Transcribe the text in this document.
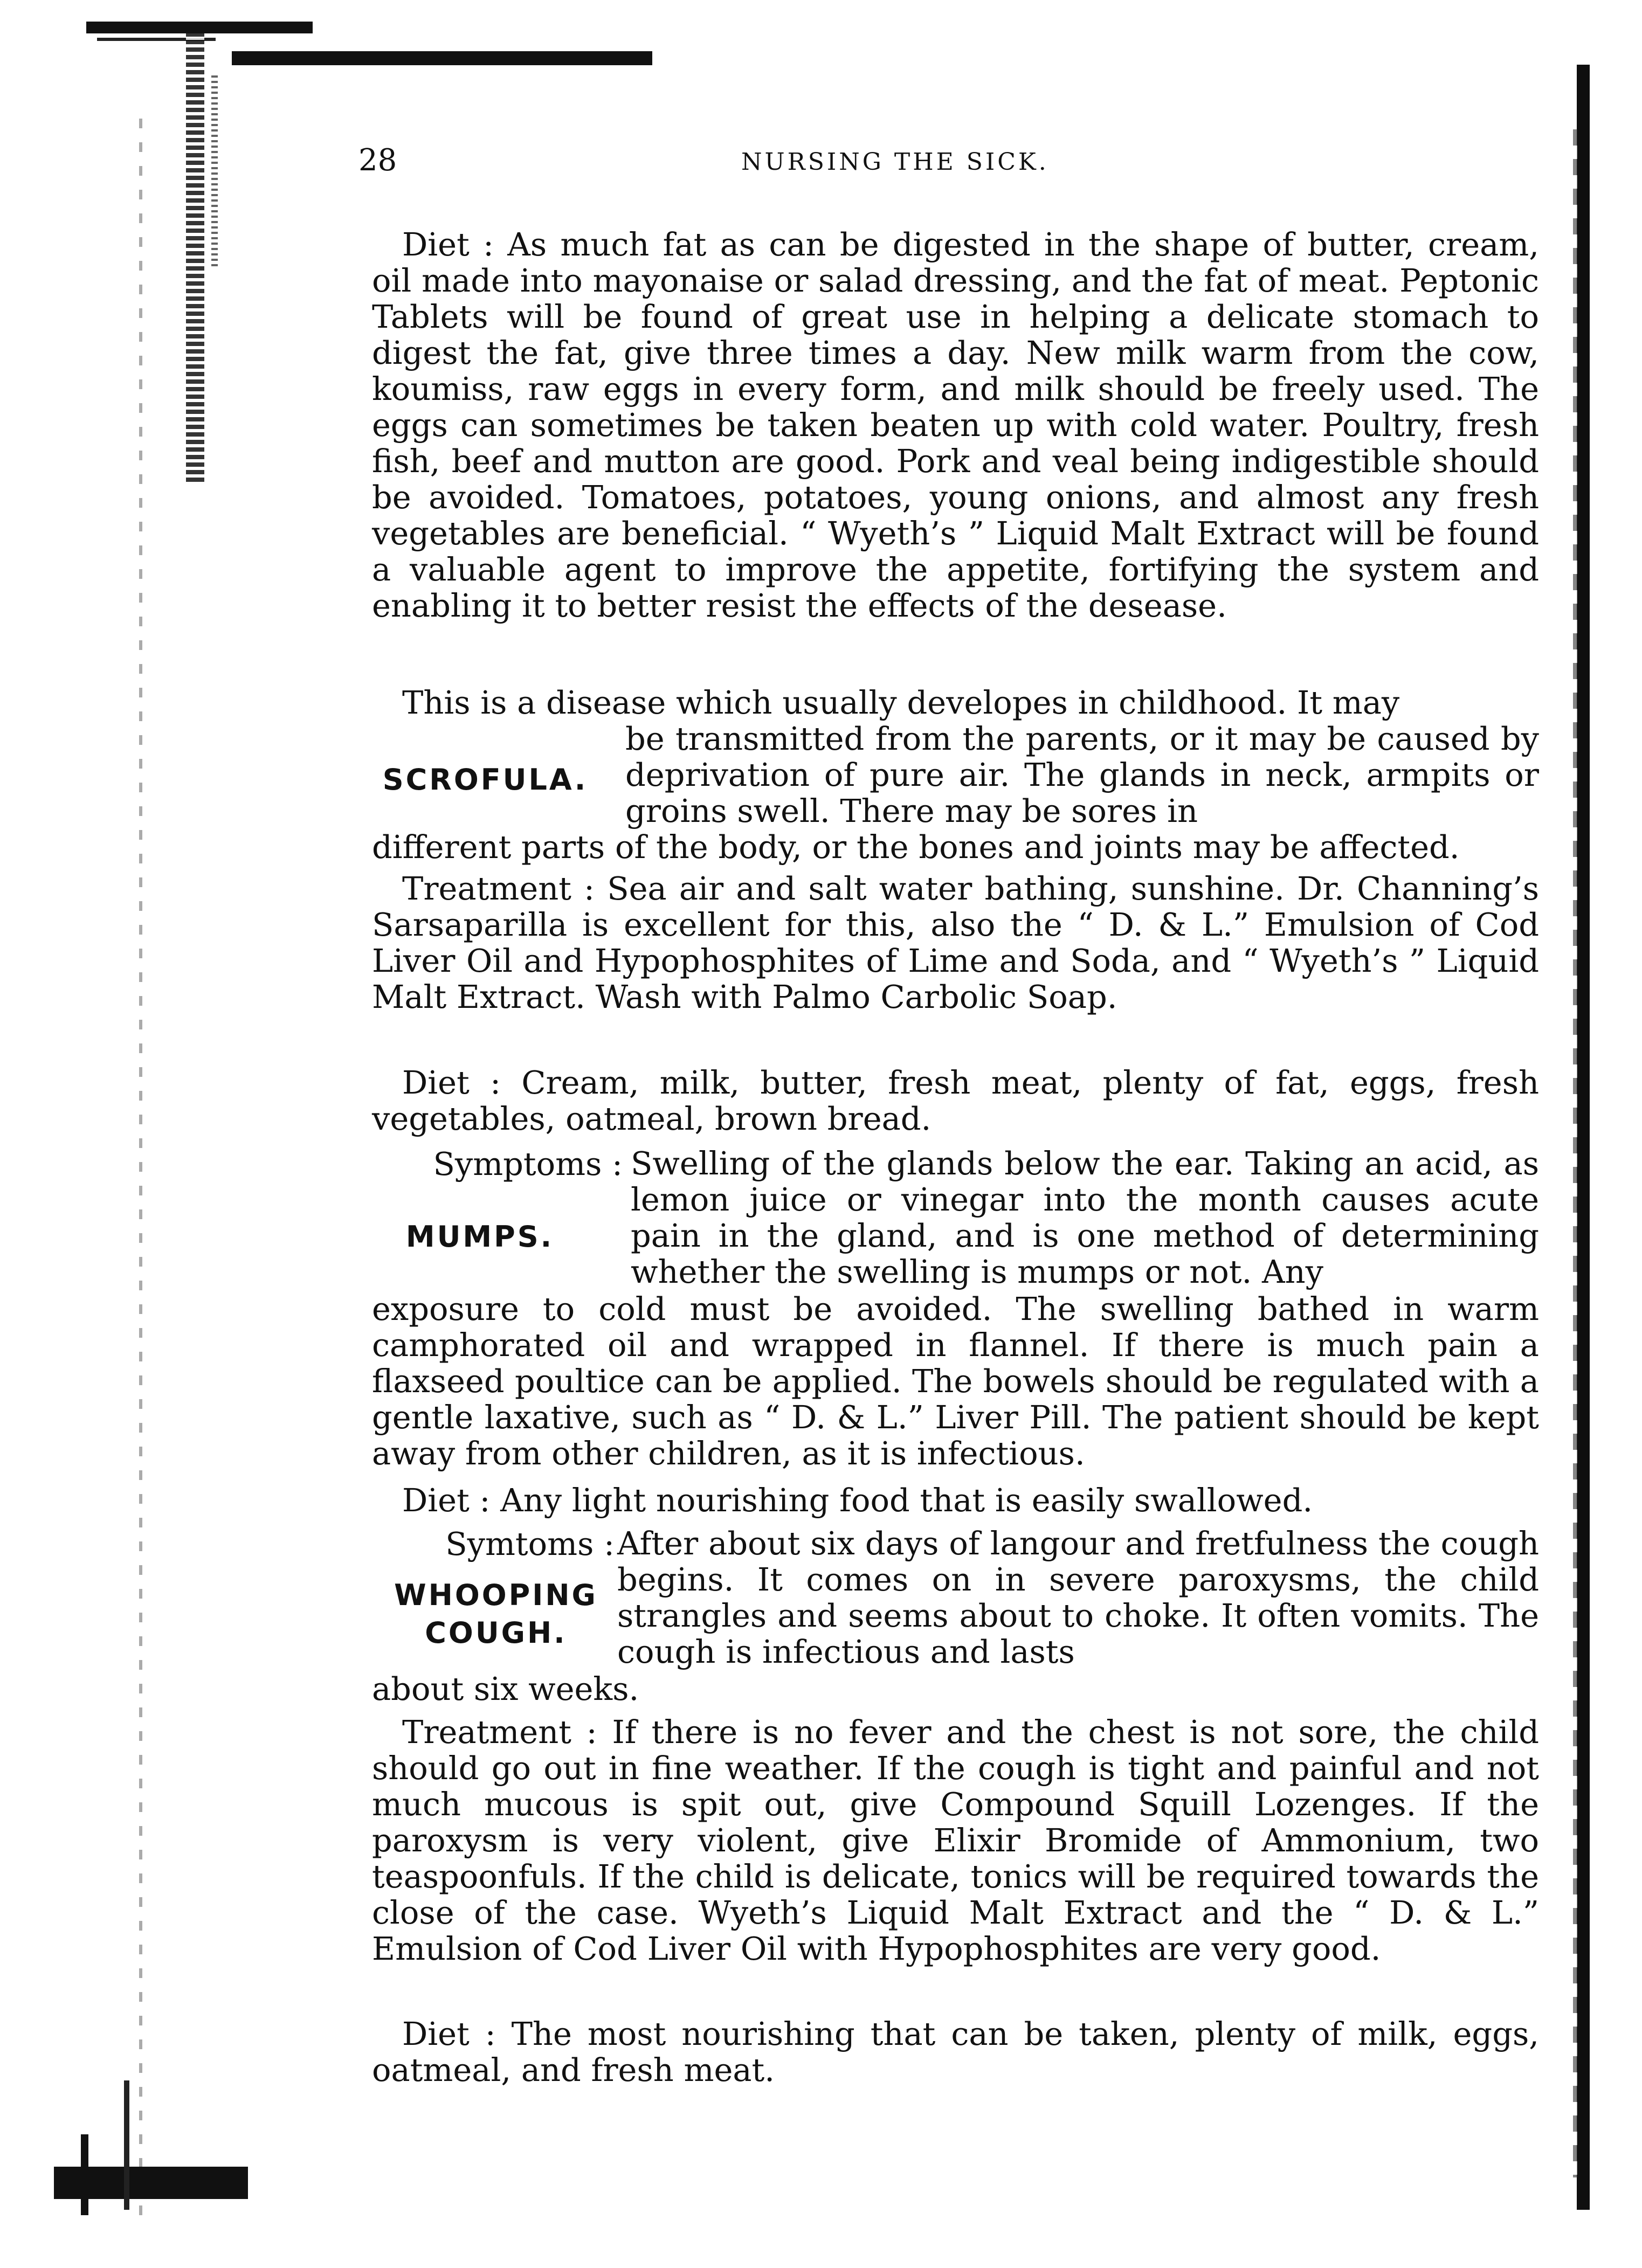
28	NURSING THE SICK.

Diet : As much fat as can be digested in the shape of butter, cream, oil made into mayonaise or salad dressing, and the fat of meat. Peptonic Tablets will be found of great use in helping a delicate stomach to digest the fat, give three times a day. New milk warm from the cow, koumiss, raw eggs in every form, and milk should be freely used. The eggs can sometimes be taken beaten up with cold water. Poultry, fresh fish, beef and mutton are good. Pork and veal being indigestible should be avoided. Tomatoes, potatoes, young onions, and almost any fresh vegetables are beneficial. “ Wyeth’s ” Liquid Malt Extract will be found a valuable agent to improve the appetite, fortifying the system and enabling it to better resist the effects of the desease.

This is a disease which usually developes in childhood. It may

SCROFULA.

be transmitted from the parents, or it may be caused by deprivation of pure air. The glands in neck, armpits or groins swell. There may be sores in

different parts of the body, or the bones and joints may be affected.

Treatment : Sea air and salt water bathing, sunshine. Dr. Channing’s Sarsaparilla is excellent for this, also the “ D. & L.” Emulsion of Cod Liver Oil and Hypophosphites of Lime and Soda, and “ Wyeth’s ” Liquid Malt Extract. Wash with Palmo Carbolic Soap.

Diet : Cream, milk, butter, fresh meat, plenty of fat, eggs, fresh vegetables, oatmeal, brown bread.

Symptoms :
MUMPS.

Swelling of the glands below the ear. Taking an acid, as lemon juice or vinegar into the month causes acute pain in the gland, and is one method of determining whether the swelling is mumps or not. Any

exposure to cold must be avoided. The swelling bathed in warm camphorated oil and wrapped in flannel. If there is much pain a flaxseed poultice can be applied. The bowels should be regulated with a gentle laxative, such as “ D. & L.” Liver Pill. The patient should be kept away from other children, as it is infectious.

Diet : Any light nourishing food that is easily swallowed.

Symtoms :
WHOOPING
COUGH.

After about six days of langour and fretfulness the cough begins. It comes on in severe paroxysms, the child strangles and seems about to choke. It often vomits. The cough is infectious and lasts

about six weeks.

Treatment : If there is no fever and the chest is not sore, the child should go out in fine weather. If the cough is tight and painful and not much mucous is spit out, give Compound Squill Lozenges. If the paroxysm is very violent, give Elixir Bromide of Ammonium, two teaspoonfuls. If the child is delicate, tonics will be required towards the close of the case. Wyeth’s Liquid Malt Extract and the “ D. & L.” Emulsion of Cod Liver Oil with Hypophosphites are very good.

Diet : The most nourishing that can be taken, plenty of milk, eggs, oatmeal, and fresh meat.
